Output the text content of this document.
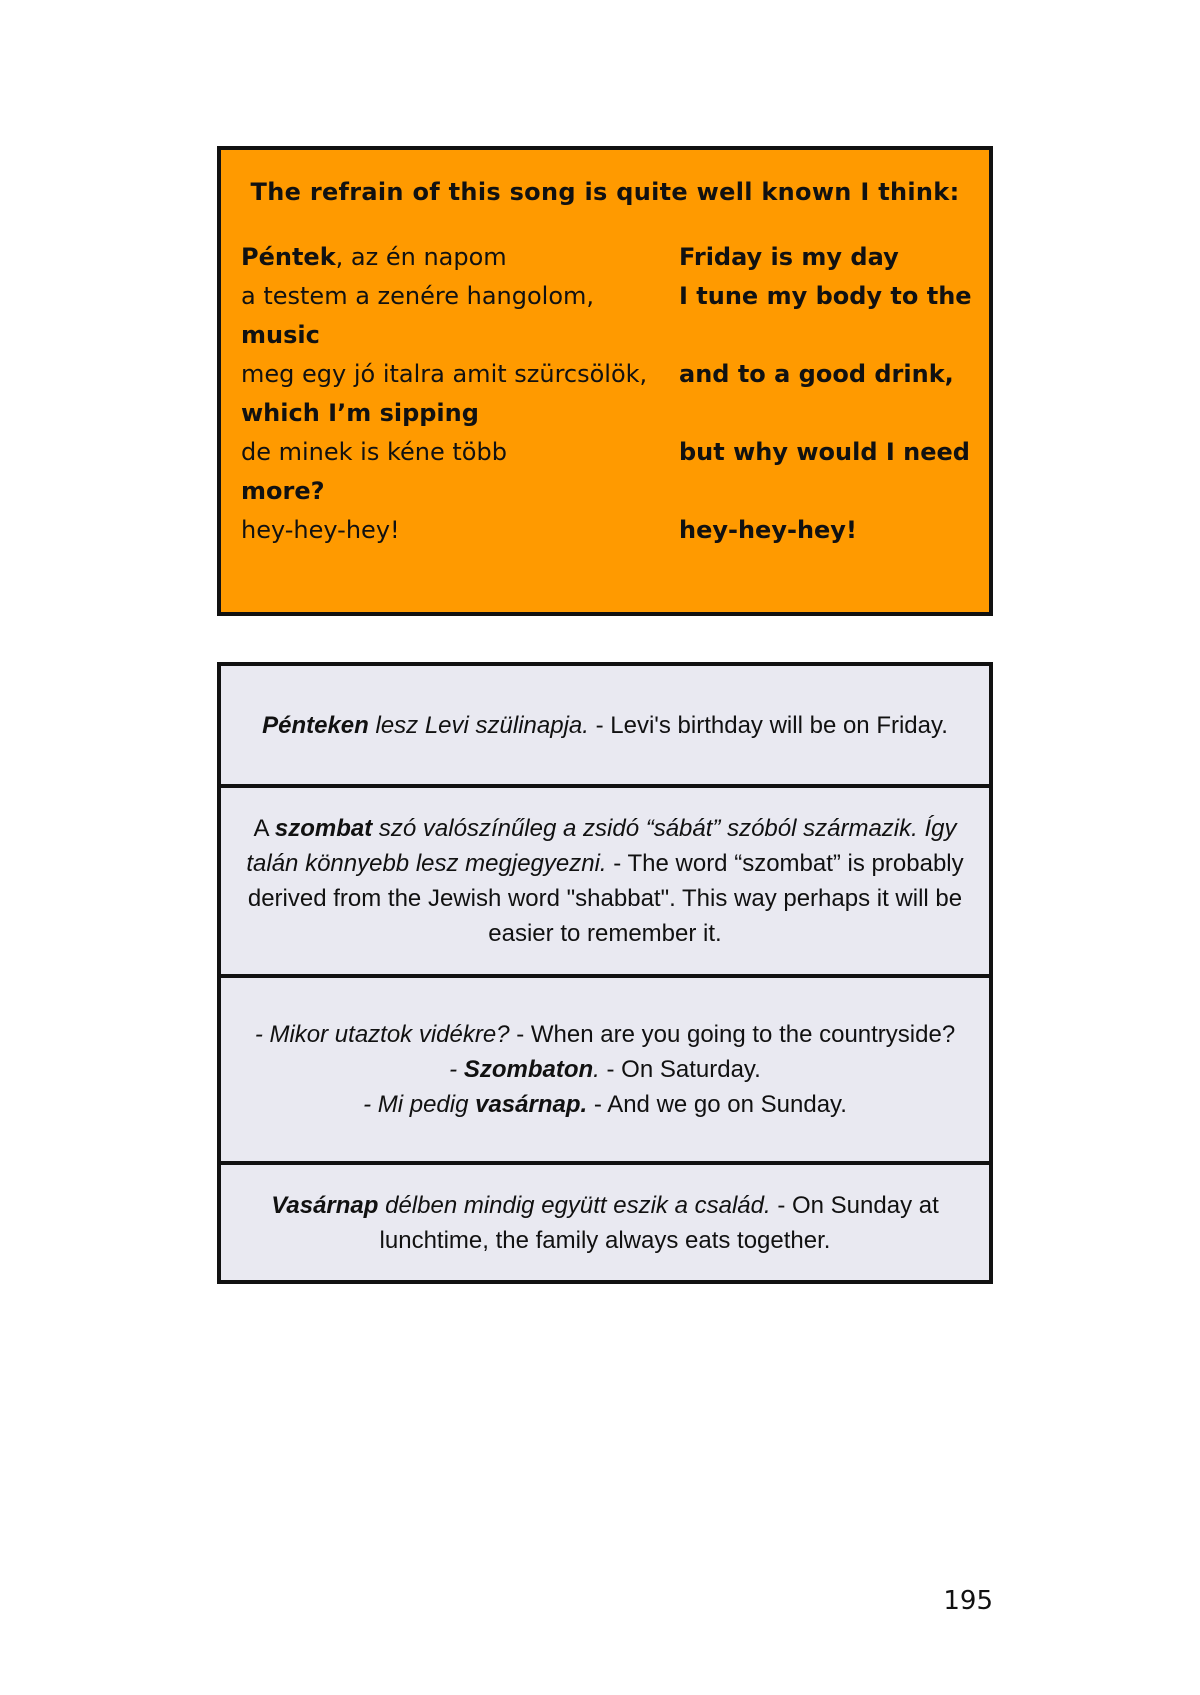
The refrain of this song is quite well known I think:
Péntek, az én napom
a testem a zenére hangolom,
music
meg egy jó italra amit szürcsölök,
which I’m sipping
de minek is kéne több
more?
hey-hey-hey!
Friday is my day
I tune my body to the
and to a good drink,
but why would I need
hey-hey-hey!
Pénteken lesz Levi szülinapja. - Levi's birthday will be on Friday.
A szombat szó valószínűleg a zsidó “sábát” szóból származik. Így talán könnyebb lesz megjegyezni. - The word “szombat” is probably derived from the Jewish word "shabbat". This way perhaps it will be easier to remember it.
- Mikor utaztok vidékre? - When are you going to the countryside?
- Szombaton. - On Saturday.
- Mi pedig vasárnap. - And we go on Sunday.
Vasárnap délben mindig együtt eszik a család. - On Sunday at lunchtime, the family always eats together.
195
